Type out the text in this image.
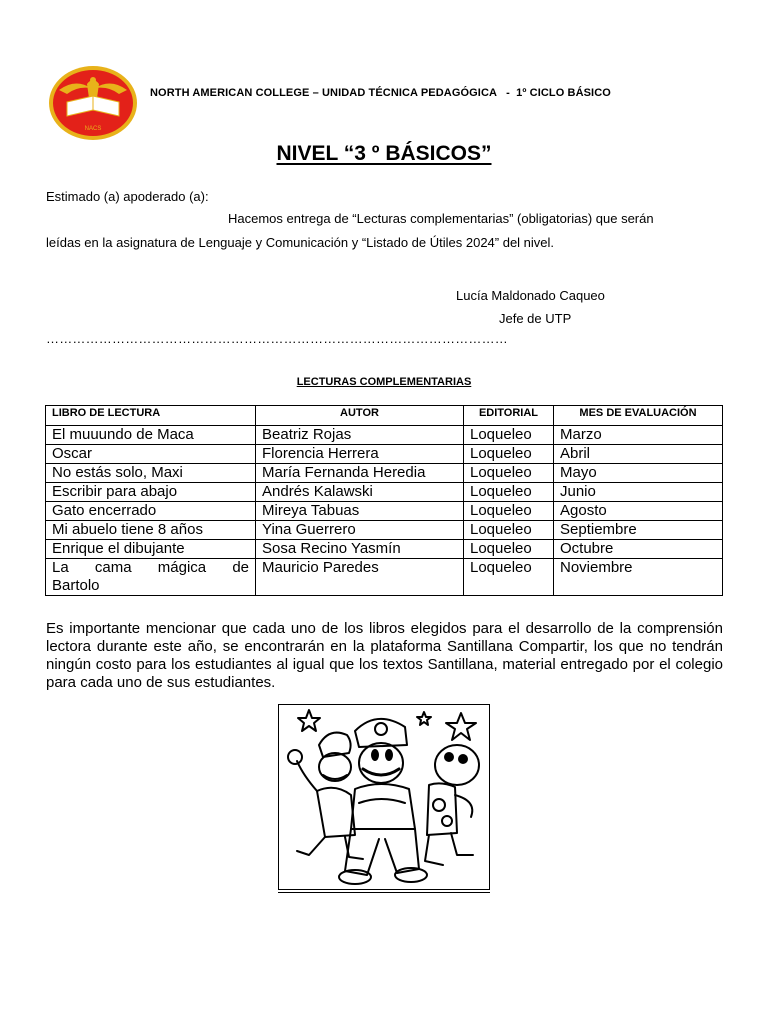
NACS
NORTH AMERICAN COLLEGE – UNIDAD TÉCNICA PEDAGÓGICA   -  1º CICLO BÁSICO
NIVEL “3 º BÁSICOS”
Estimado (a) apoderado (a):
Hacemos entrega de “Lecturas complementarias” (obligatorias) que serán
leídas en la asignatura de Lenguaje y Comunicación y “Listado de Útiles 2024” del nivel.
Lucía Maldonado Caqueo
Jefe de UTP
……………………………………………………………………………………………
LECTURAS COMPLEMENTARIAS
LIBRO DE LECTURA	AUTOR	EDITORIAL	MES DE EVALUACIÓN
El muuundo de Maca	Beatriz Rojas	Loqueleo	Marzo
Oscar	Florencia Herrera	Loqueleo	Abril
No estás solo, Maxi	María Fernanda Heredia	Loqueleo	Mayo
Escribir para abajo	Andrés Kalawski	Loqueleo	Junio
Gato encerrado	Mireya Tabuas	Loqueleo	Agosto
Mi abuelo tiene 8 años	Yina Guerrero	Loqueleo	Septiembre
Enrique el dibujante	Sosa Recino Yasmín	Loqueleo	Octubre

La cama mágica de
Bartolo	Mauricio Paredes	Loqueleo	Noviembre
Es importante mencionar que cada uno de los libros elegidos para el desarrollo de la comprensión lectora durante este año, se encontrarán en la plataforma Santillana Compartir, los que no tendrán ningún costo para los estudiantes al igual que los textos Santillana, material entregado por el colegio para cada uno de sus estudiantes.
